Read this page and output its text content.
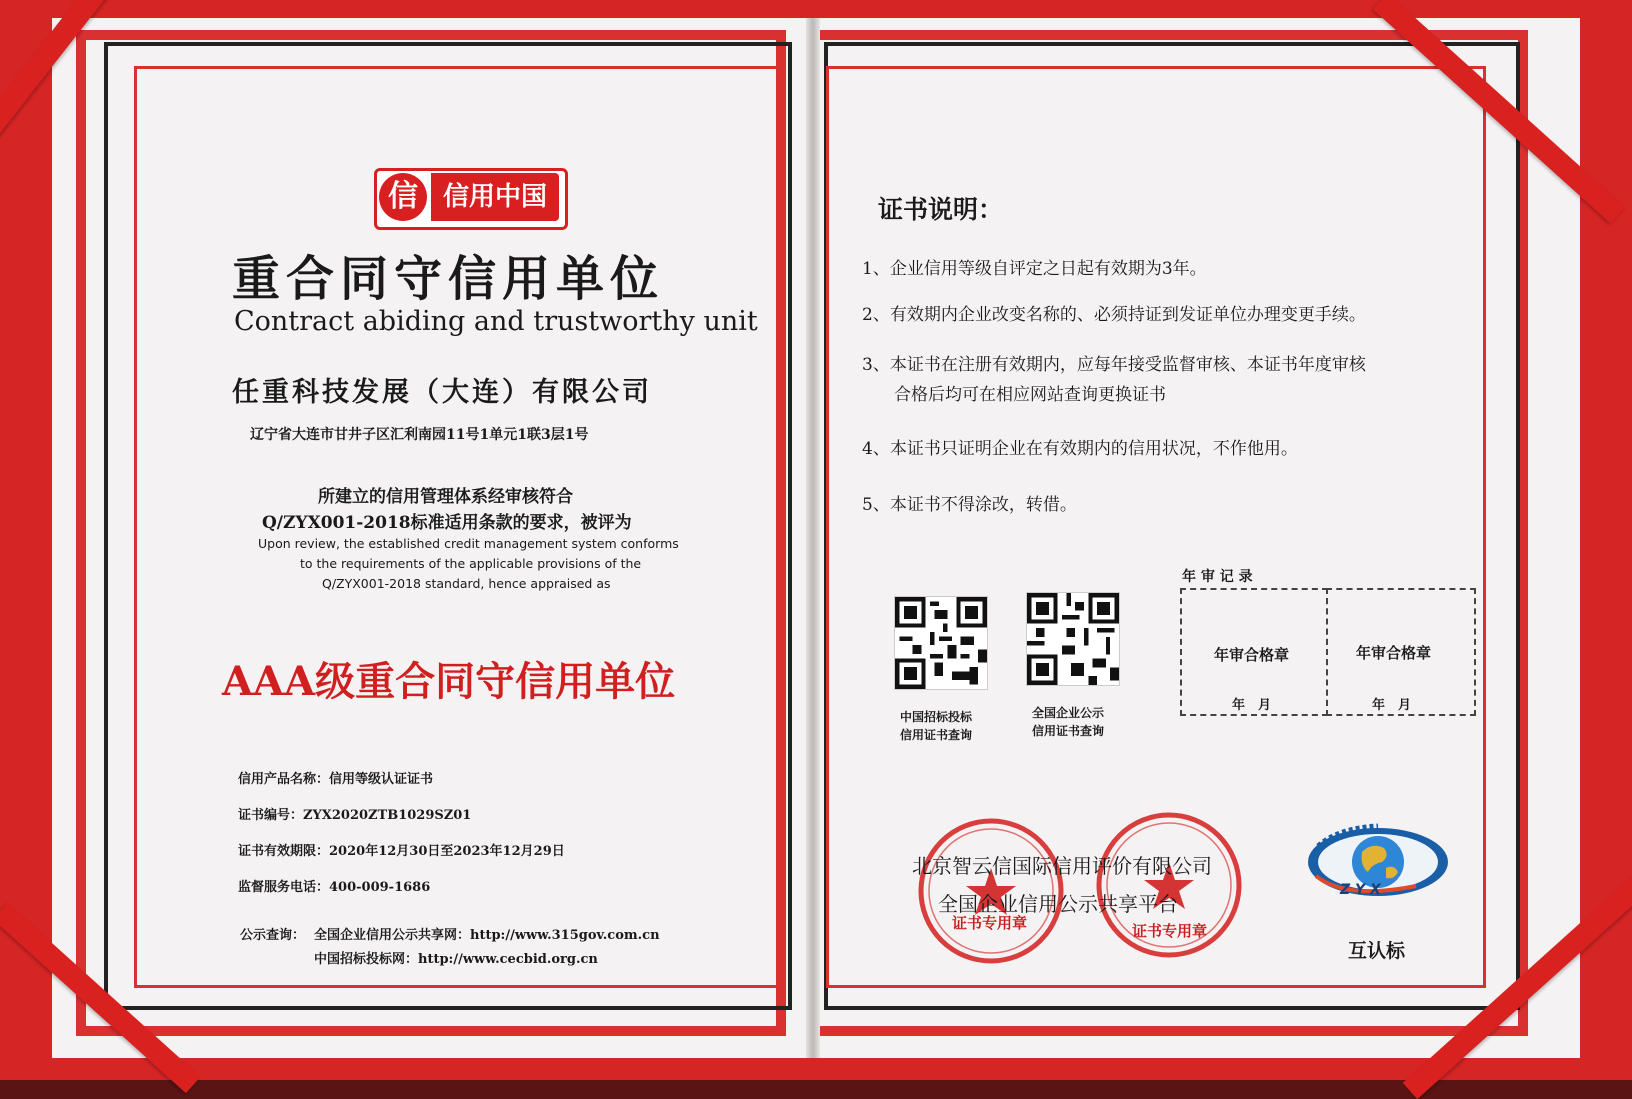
信 信用中国
重合同守信用单位
Contract abiding and trustworthy unit
任重科技发展（大连）有限公司
辽宁省大连市甘井子区汇利南园11号1单元1联3层1号
所建立的信用管理体系经审核符合
Q/ZYX001-2018标准适用条款的要求，被评为
Upon review, the established credit management system conforms
to the requirements of the applicable provisions of the
Q/ZYX001-2018 standard, hence appraised as
AAA级重合同守信用单位
信用产品名称：信用等级认证证书
证书编号：ZYX2020ZTB1029SZ01
证书有效期限：2020年12月30日至2023年12月29日
监督服务电话：400-009-1686
公示查询： 全国企业信用公示共享网：http://www.315gov.com.cn
中国招标投标网：http://www.cecbid.org.cn
证书说明：
1、企业信用等级自评定之日起有效期为3年。
2、有效期内企业改变名称的、必须持证到发证单位办理变更手续。
3、本证书在注册有效期内，应每年接受监督审核、本证书年度审核
合格后均可在相应网站查询更换证书
4、本证书只证明企业在有效期内的信用状况，不作他用。
5、本证书不得涂改，转借。
中国招标投标
信用证书查询
全国企业公示
信用证书查询
年 审 记 录
年审合格章	年审合格章
年　月	年　月
证书专用章	证书专用章
北京智云信国际信用评价有限公司
全国企业信用公示共享平台
Z Y X
互认标
